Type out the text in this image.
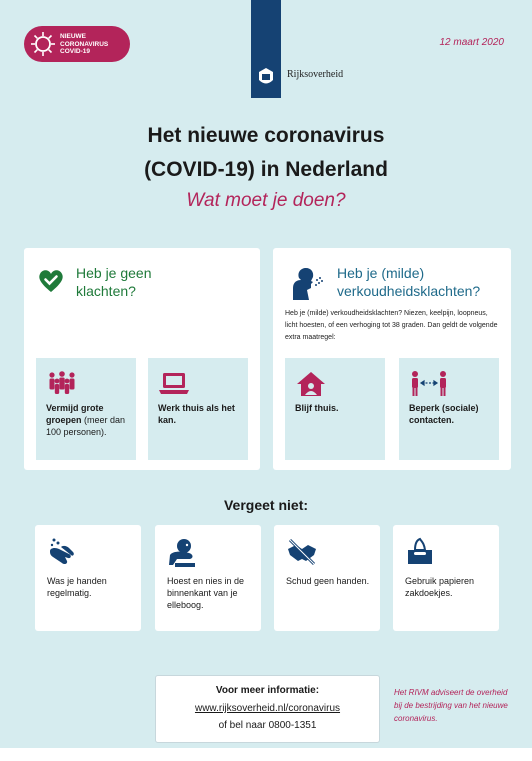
NIEUWE
CORONAVIRUS
COVID-19
12 maart 2020
Rijksoverheid
Het nieuwe coronavirus
(COVID-19) in Nederland
Wat moet je doen?
Heb je geen
klachten?
Vermijd grote groepen (meer dan 100 personen).
Werk thuis als het kan.
Heb je (milde)
verkoudheidsklachten?
Heb je (milde) verkoudheidsklachten? Niezen, keelpijn, loopneus, licht hoesten, of een verhoging tot 38 graden. Dan geldt de volgende extra maatregel:
Blijf thuis.	Beperk (sociale) contacten.
Vergeet niet:
Was je handen regelmatig.
Hoest en nies in de binnenkant van je elleboog.
Schud geen handen.	Gebruik papieren zakdoekjes.
Voor meer informatie:
www.rijksoverheid.nl/coronavirus
of bel naar 0800-1351
Het RIVM adviseert de overheid bij de bestrijding van het nieuwe coronavirus.
